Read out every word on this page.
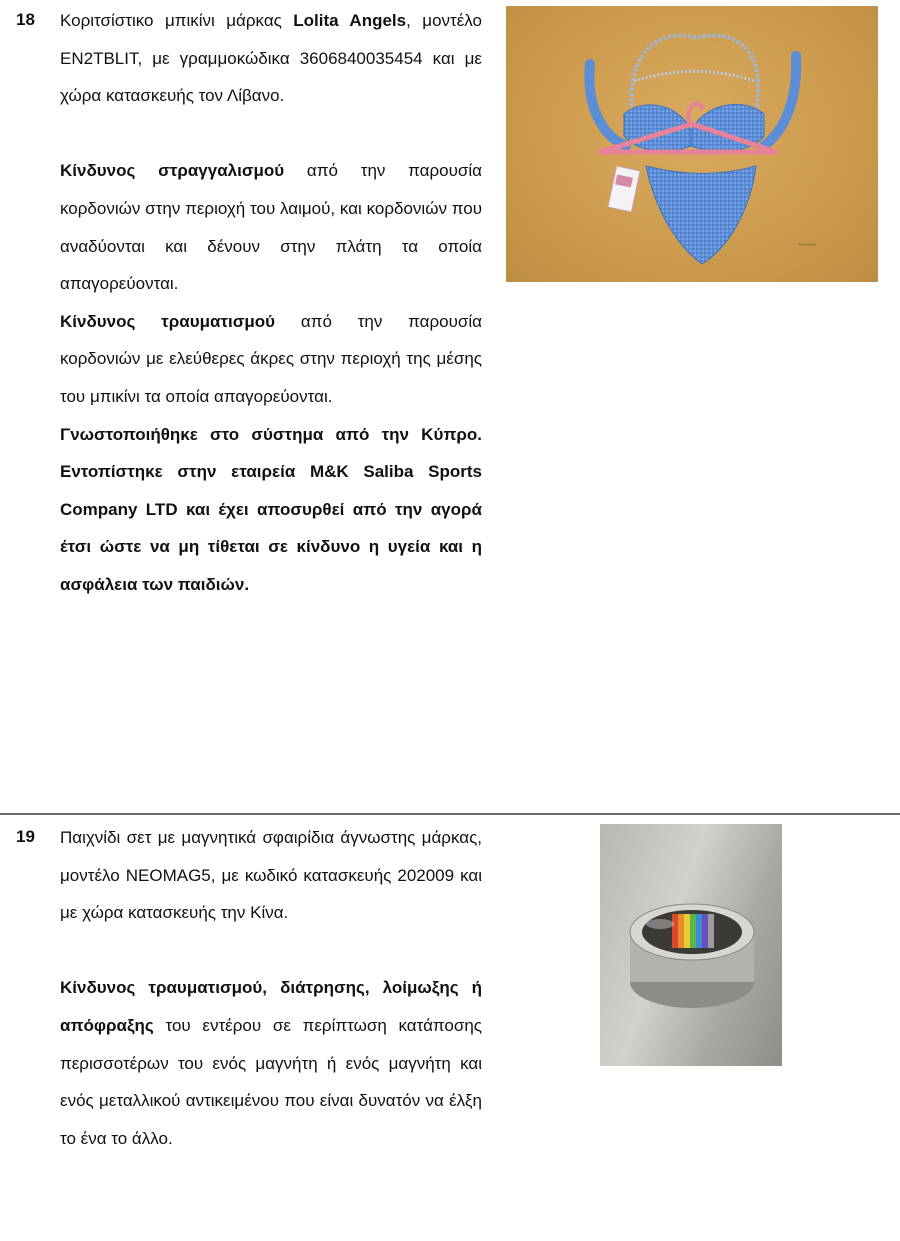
18 Κοριτσίστικο μπικίνι μάρκας Lolita Angels, μοντέλο EN2TBLIT, με γραμμοκώδικα 3606840035454 και με χώρα κατασκευής τον Λίβανο.

Κίνδυνος στραγγαλισμού από την παρουσία κορδονιών στην περιοχή του λαιμού, και κορδονιών που αναδύονται και δένουν στην πλάτη τα οποία απαγορεύονται.

Κίνδυνος τραυματισμού από την παρουσία κορδονιών με ελεύθερες άκρες στην περιοχή της μέσης του μπικίνι τα οποία απαγορεύονται.

Γνωστοποιήθηκε στο σύστημα από την Κύπρο. Εντοπίστηκε στην εταιρεία M&K Saliba Sports Company LTD και έχει αποσυρθεί από την αγορά έτσι ώστε να μη τίθεται σε κίνδυνο η υγεία και η ασφάλεια των παιδιών.

~~~
19 Παιχνίδι σετ με μαγνητικά σφαιρίδια άγνωστης μάρκας, μοντέλο NEOMAG5, με κωδικό κατασκευής 202009 και με χώρα κατασκευής την Κίνα.

Κίνδυνος τραυματισμού, διάτρησης, λοίμωξης ή απόφραξης του εντέρου σε περίπτωση κατάποσης περισσοτέρων του ενός μαγνήτη ή ενός μαγνήτη και ενός μεταλλικού αντικειμένου που είναι δυνατόν να έλξη το ένα το άλλο.
